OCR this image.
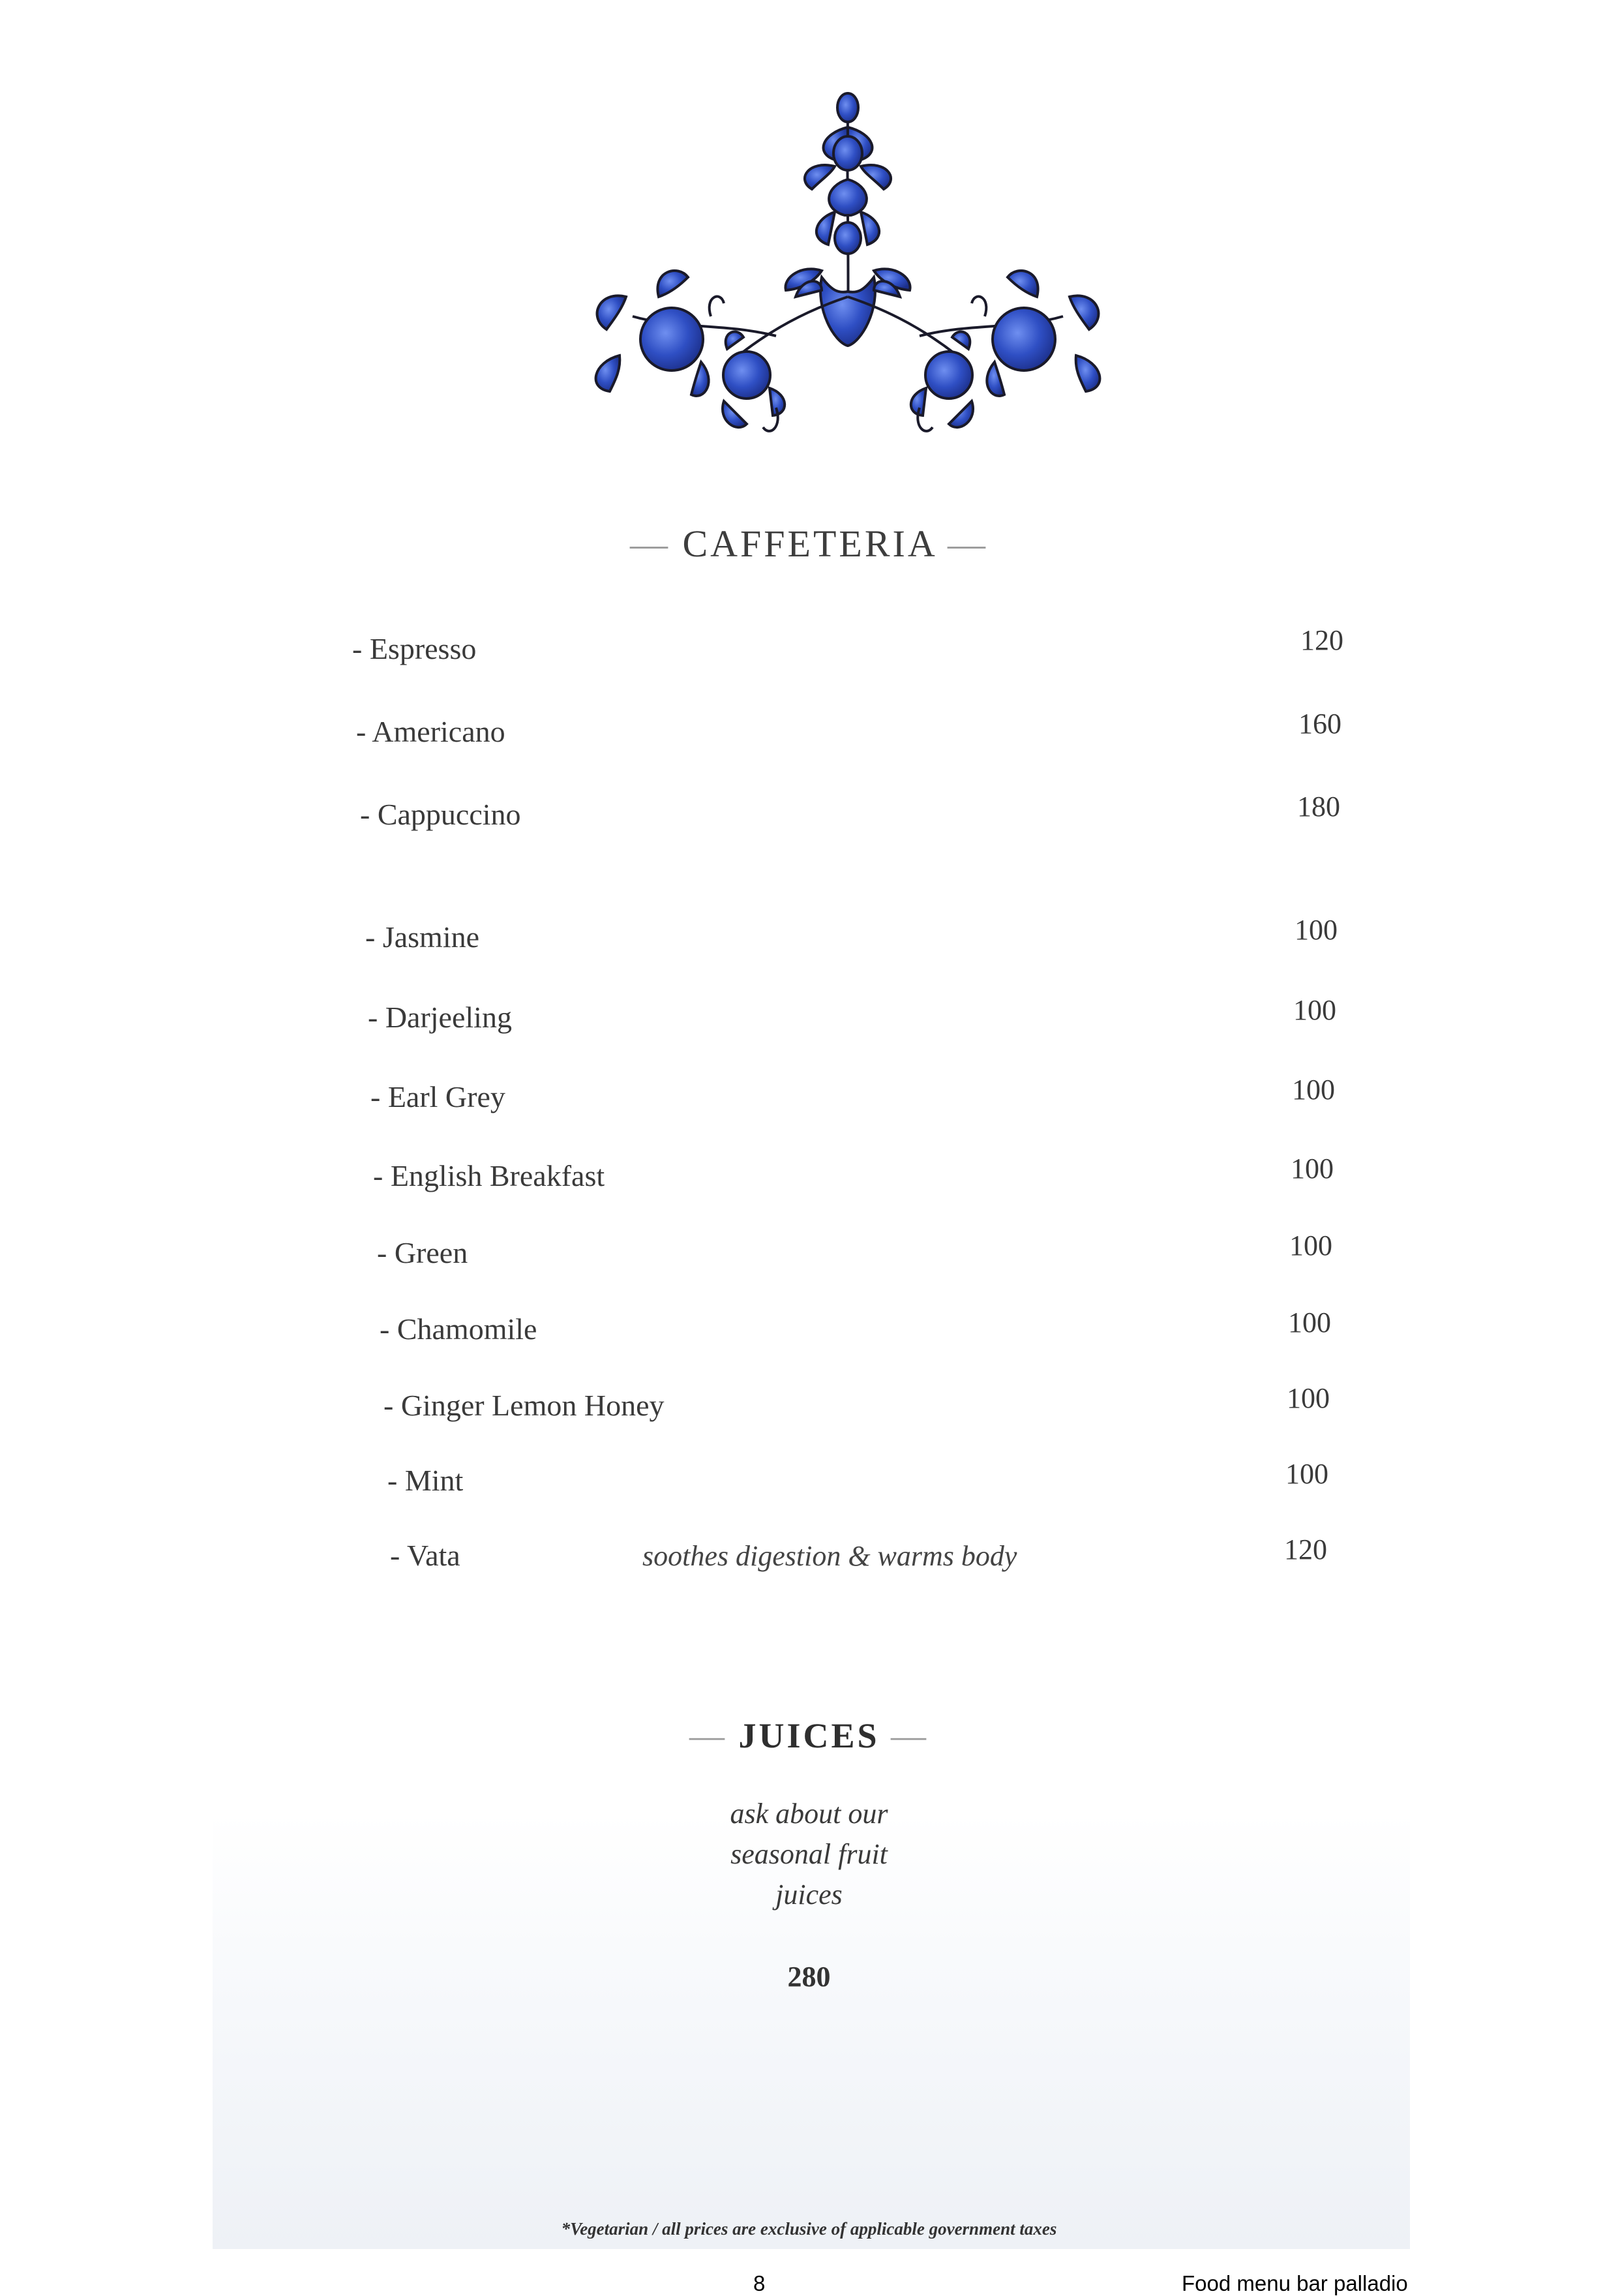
— CAFFETERIA —
- Espresso	120
- Americano	160
- Cappuccino	180
- Jasmine	100
- Darjeeling	100
- Earl Grey	100
- English Breakfast	100
- Green	100
- Chamomile	100
- Ginger Lemon Honey	100
- Mint	100
- Vata	soothes digestion & warms body	120
— JUICES —
ask about our
seasonal fruit
juices
280
*Vegetarian / all prices are exclusive of applicable government taxes
8	Food menu bar palladio
